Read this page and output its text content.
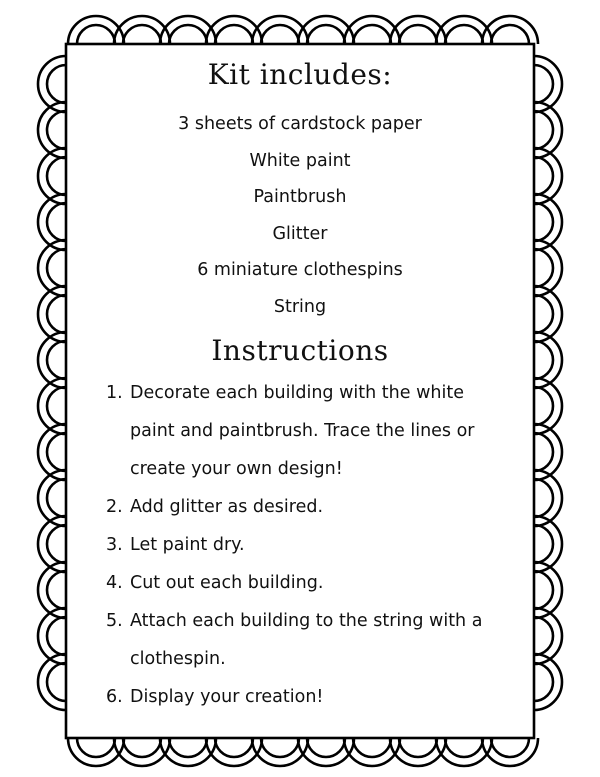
Kit includes:
3 sheets of cardstock paper
White paint
Paintbrush
Glitter
6 miniature clothespins
String
Instructions
1. Decorate each building with the white paint and paintbrush. Trace the lines or create your own design!
2. Add glitter as desired.
3. Let paint dry.
4. Cut out each building.
5. Attach each building to the string with a clothespin.
6. Display your creation!
